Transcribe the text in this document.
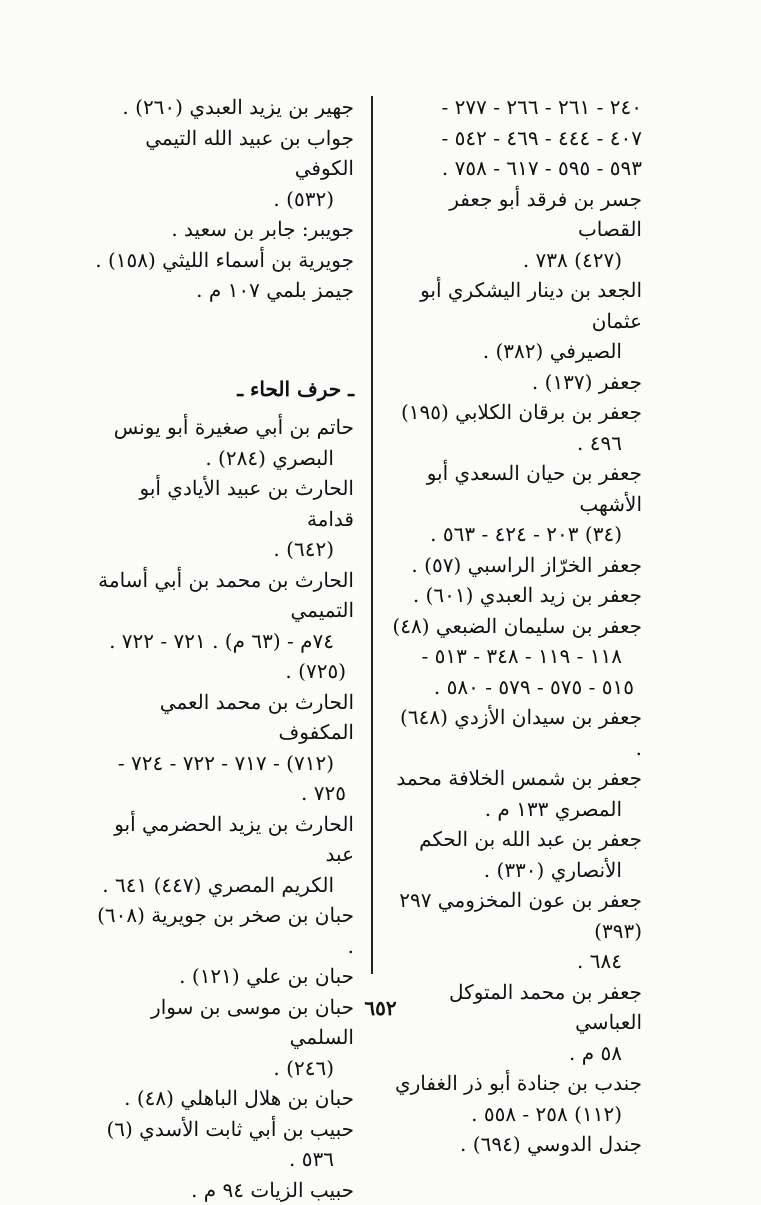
٢٤٠ - ٢٦١ - ٢٦٦ - ٢٧٧ -
٤٠٧ - ٤٤٤ - ٤٦٩ - ٥٤٢ -
٥٩٣ - ٥٩٥ - ٦١٧ - ٧٥٨ .
جسر بن فرقد أبو جعفر القصاب
(٤٢٧) ٧٣٨ .
الجعد بن دينار اليشكري أبو عثمان
الصيرفي (٣٨٢) .
جعفر (١٣٧) .
جعفر بن برقان الكلابي (١٩٥)
٤٩٦ .
جعفر بن حيان السعدي أبو الأشهب
(٣٤) ٢٠٣ - ٤٢٤ - ٥٦٣ .
جعفر الخرّاز الراسبي (٥٧) .
جعفر بن زيد العبدي (٦٠١) .
جعفر بن سليمان الضبعي (٤٨)
١١٨ - ١١٩ - ٣٤٨ - ٥١٣ -
٥١٥ - ٥٧٥ - ٥٧٩ - ٥٨٠ .
جعفر بن سيدان الأزدي (٦٤٨) .
جعفر بن شمس الخلافة محمد
المصري ١٣٣ م .
جعفر بن عبد الله بن الحكم
الأنصاري (٣٣٠) .
جعفر بن عون المخزومي ٢٩٧ (٣٩٣)
٦٨٤ .
جعفر بن محمد المتوكل العباسي
٥٨ م .
جندب بن جنادة أبو ذر الغفاري
(١١٢) ٢٥٨ - ٥٥٨ .
جندل الدوسي (٦٩٤) .
جهير بن يزيد العبدي (٢٦٠) .
جواب بن عبيد الله التيمي الكوفي
(٥٣٢) .
جويبر: جابر بن سعيد .
جويرية بن أسماء الليثي (١٥٨) .
جيمز بلمي ١٠٧ م .
ـ حرف الحاء ـ
حاتم بن أبي صغيرة أبو يونس
البصري (٢٨٤) .
الحارث بن عبيد الأيادي أبو قدامة
(٦٤٢) .
الحارث بن محمد بن أبي أسامة التميمي
٧٤م - (٦٣ م) . ٧٢١ - ٧٢٢ .
(٧٢٥) .
الحارث بن محمد العمي المكفوف
(٧١٢) - ٧١٧ - ٧٢٢ - ٧٢٤ -
٧٢٥ .
الحارث بن يزيد الحضرمي أبو عبد
الكريم المصري (٤٤٧) ٦٤١ .
حبان بن صخر بن جويرية (٦٠٨) .
حبان بن علي (١٢١) .
حبان بن موسى بن سوار السلمي
(٢٤٦) .
حبان بن هلال الباهلي (٤٨) .
حبيب بن أبي ثابت الأسدي (٦)
٥٣٦ .
حبيب الزيات ٩٤ م .
٦٥٢
